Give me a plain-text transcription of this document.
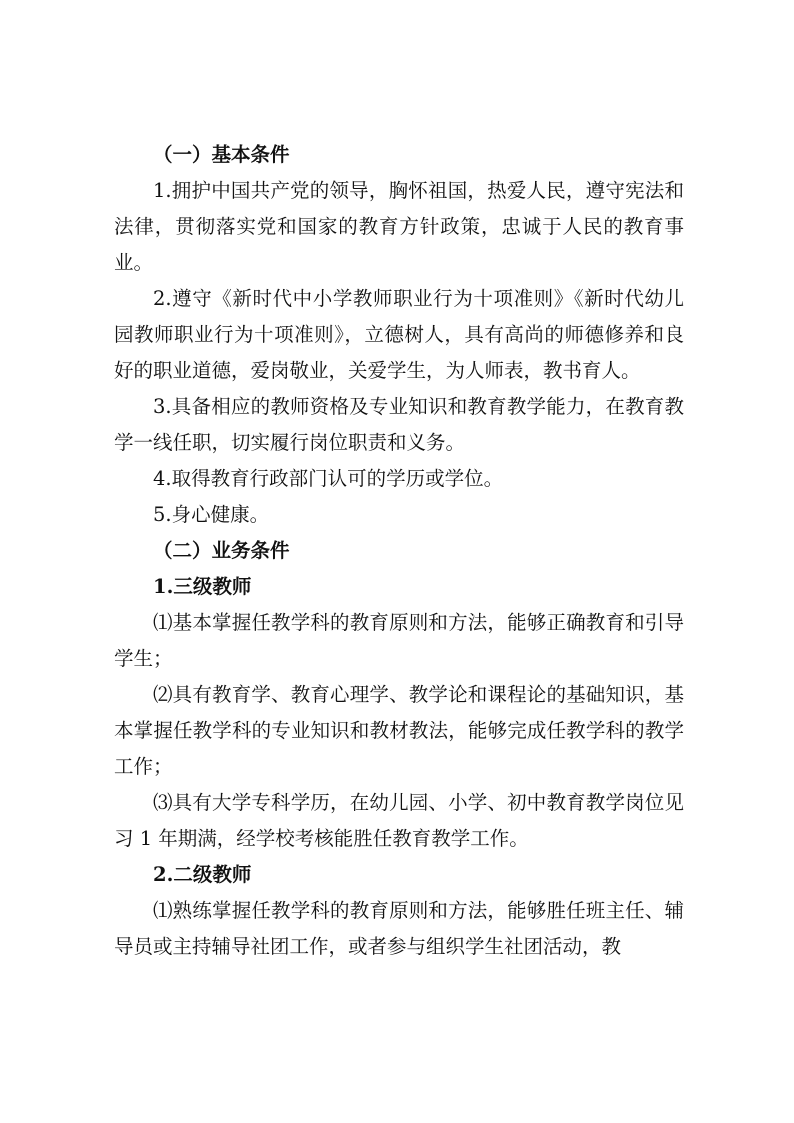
（一）基本条件

1.拥护中国共产党的领导，胸怀祖国，热爱人民，遵守宪法和法律，贯彻落实党和国家的教育方针政策，忠诚于人民的教育事业。

2.遵守《新时代中小学教师职业行为十项准则》《新时代幼儿园教师职业行为十项准则》，立德树人，具有高尚的师德修养和良好的职业道德，爱岗敬业，关爱学生，为人师表，教书育人。

3.具备相应的教师资格及专业知识和教育教学能力，在教育教学一线任职，切实履行岗位职责和义务。

4.取得教育行政部门认可的学历或学位。

5.身心健康。

（二）业务条件

1.三级教师

⑴基本掌握任教学科的教育原则和方法，能够正确教育和引导学生；

⑵具有教育学、教育心理学、教学论和课程论的基础知识，基本掌握任教学科的专业知识和教材教法，能够完成任教学科的教学工作；

⑶具有大学专科学历，在幼儿园、小学、初中教育教学岗位见习 1 年期满，经学校考核能胜任教育教学工作。

2.二级教师

⑴熟练掌握任教学科的教育原则和方法，能够胜任班主任、辅导员或主持辅导社团工作，或者参与组织学生社团活动，教
